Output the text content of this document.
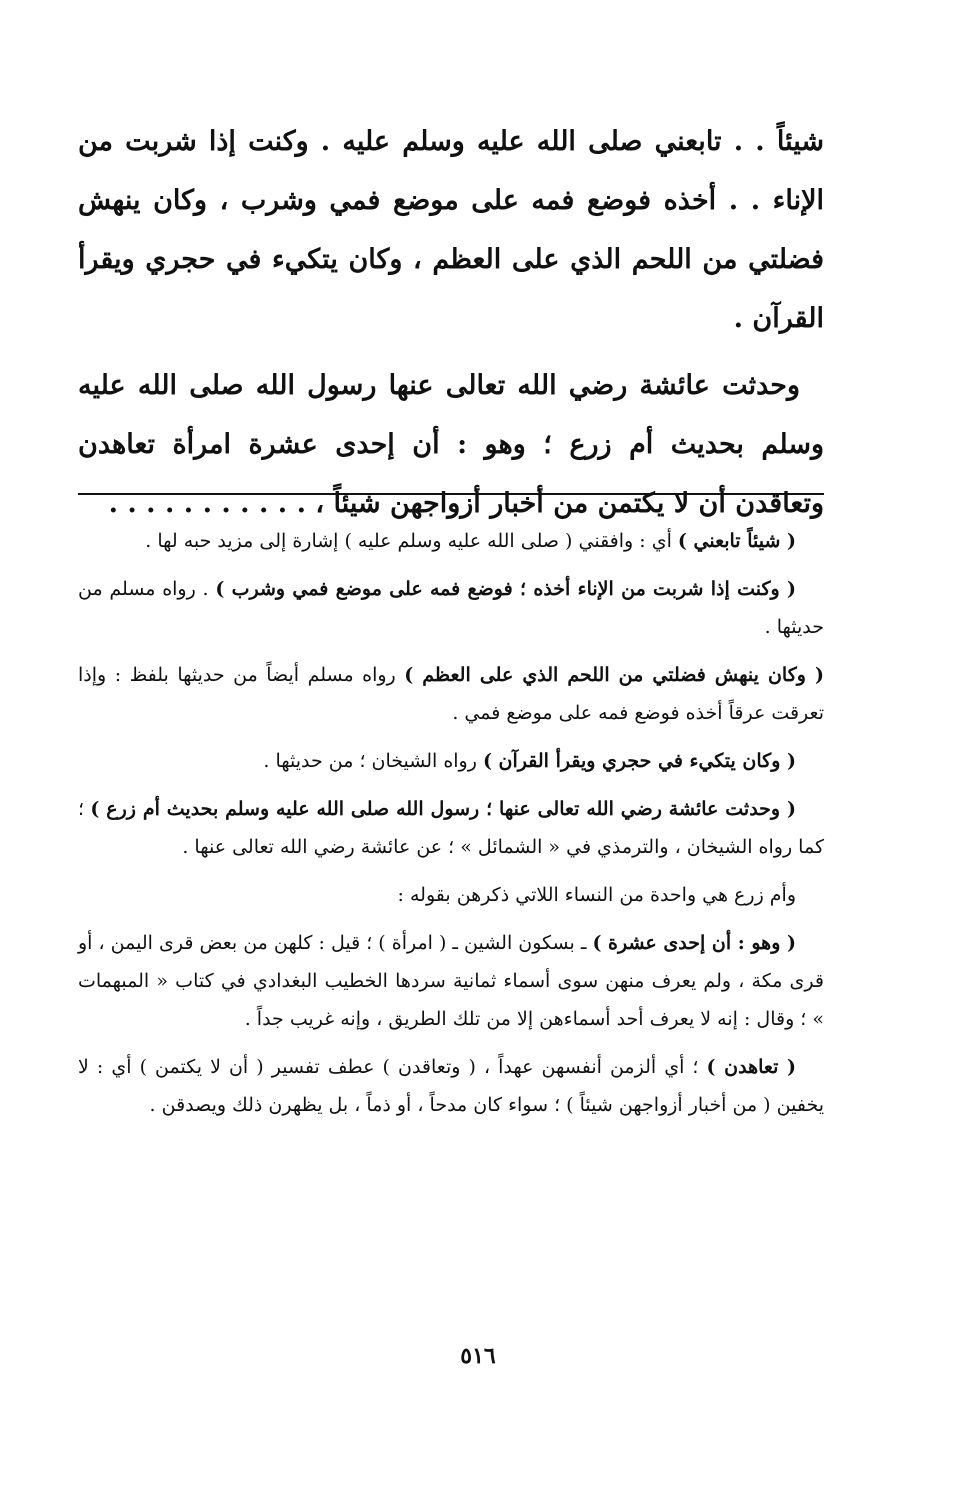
شيئاً . . تابعني صلى الله عليه وسلم عليه . وكنت إذا شربت من الإناء . . أخذه فوضع فمه على موضع فمي وشرب ، وكان ينهش فضلتي من اللحم الذي على العظم ، وكان يتكيء في حجري ويقرأ القرآن .

وحدثت عائشة رضي الله تعالى عنها رسول الله صلى الله عليه وسلم بحديث أم زرع ؛ وهو : أن إحدى عشرة امرأة تعاهدن وتعاقدن أن لا يكتمن من أخبار أزواجهن شيئاً ، . . . . . . . . . . .

( شيئاً تابعني ) أي : وافقني ( صلى الله عليه وسلم عليه ) إشارة إلى مزيد حبه لها .

( وكنت إذا شربت من الإناء أخذه ؛ فوضع فمه على موضع فمي وشرب ) . رواه مسلم من حديثها .

( وكان ينهش فضلتي من اللحم الذي على العظم ) رواه مسلم أيضاً من حديثها بلفظ : وإذا تعرقت عرقاً أخذه فوضع فمه على موضع فمي .

( وكان يتكيء في حجري ويقرأ القرآن ) رواه الشيخان ؛ من حديثها .

( وحدثت عائشة رضي الله تعالى عنها ؛ رسول الله صلى الله عليه وسلم بحديث أم زرع ) ؛ كما رواه الشيخان ، والترمذي في « الشمائل » ؛ عن عائشة رضي الله تعالى عنها .

وأم زرع هي واحدة من النساء اللاتي ذكرهن بقوله :

( وهو : أن إحدى عشرة ) ـ بسكون الشين ـ ( امرأة ) ؛ قيل : كلهن من بعض قرى اليمن ، أو قرى مكة ، ولم يعرف منهن سوى أسماء ثمانية سردها الخطيب البغدادي في كتاب « المبهمات » ؛ وقال : إنه لا يعرف أحد أسماءهن إلا من تلك الطريق ، وإنه غريب جداً .

( تعاهدن ) ؛ أي ألزمن أنفسهن عهداً ، ( وتعاقدن ) عطف تفسير ( أن لا يكتمن ) أي : لا يخفين ( من أخبار أزواجهن شيئاً ) ؛ سواء كان مدحاً ، أو ذماً ، بل يظهرن ذلك ويصدقن .

٥١٦
